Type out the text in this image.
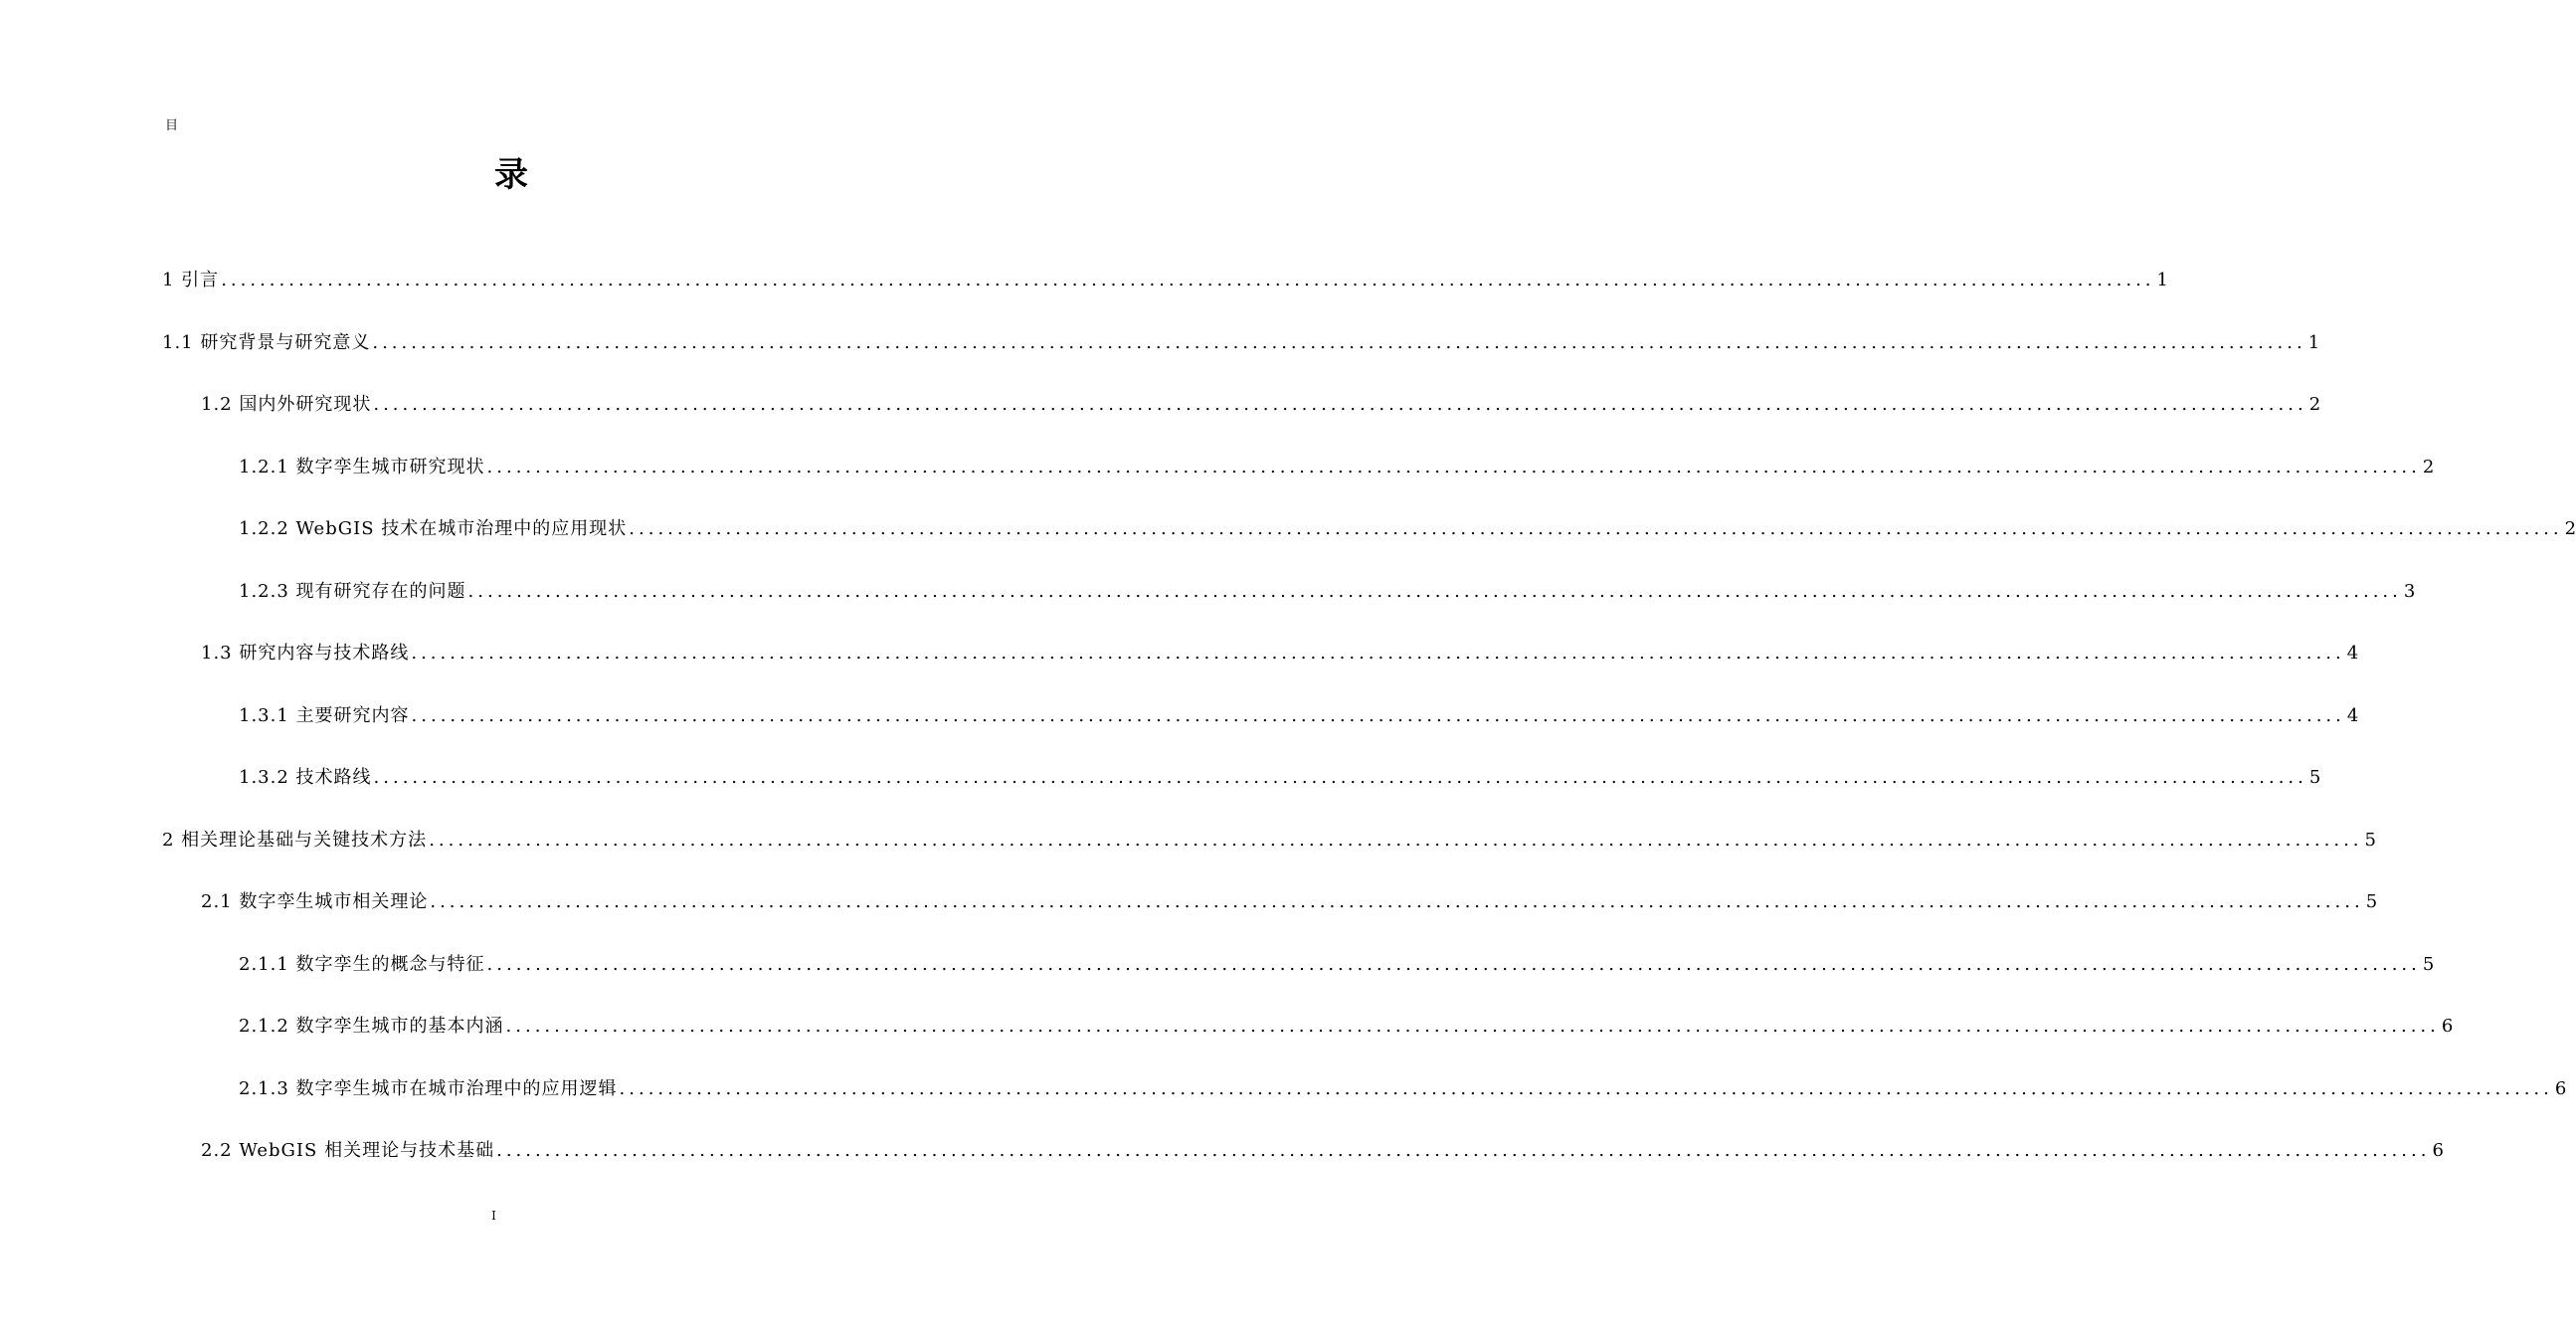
目
录
1 引言 ........................................................................................................................................................................................................ 1
1.1 研究背景与研究意义 ........................................................................................................................................................................................................ 1
1.2 国内外研究现状 ........................................................................................................................................................................................................ 2
1.2.1 数字孪生城市研究现状 ........................................................................................................................................................................................................ 2
1.2.2 WebGIS 技术在城市治理中的应用现状 ........................................................................................................................................................................................................ 2
1.2.3 现有研究存在的问题 ........................................................................................................................................................................................................ 3
1.3 研究内容与技术路线 ........................................................................................................................................................................................................ 4
1.3.1 主要研究内容 ........................................................................................................................................................................................................ 4
1.3.2 技术路线 ........................................................................................................................................................................................................ 5
2 相关理论基础与关键技术方法 ........................................................................................................................................................................................................ 5
2.1 数字孪生城市相关理论 ........................................................................................................................................................................................................ 5
2.1.1 数字孪生的概念与特征 ........................................................................................................................................................................................................ 5
2.1.2 数字孪生城市的基本内涵 ........................................................................................................................................................................................................ 6
2.1.3 数字孪生城市在城市治理中的应用逻辑 ........................................................................................................................................................................................................ 6
2.2 WebGIS 相关理论与技术基础 ........................................................................................................................................................................................................ 6
I
